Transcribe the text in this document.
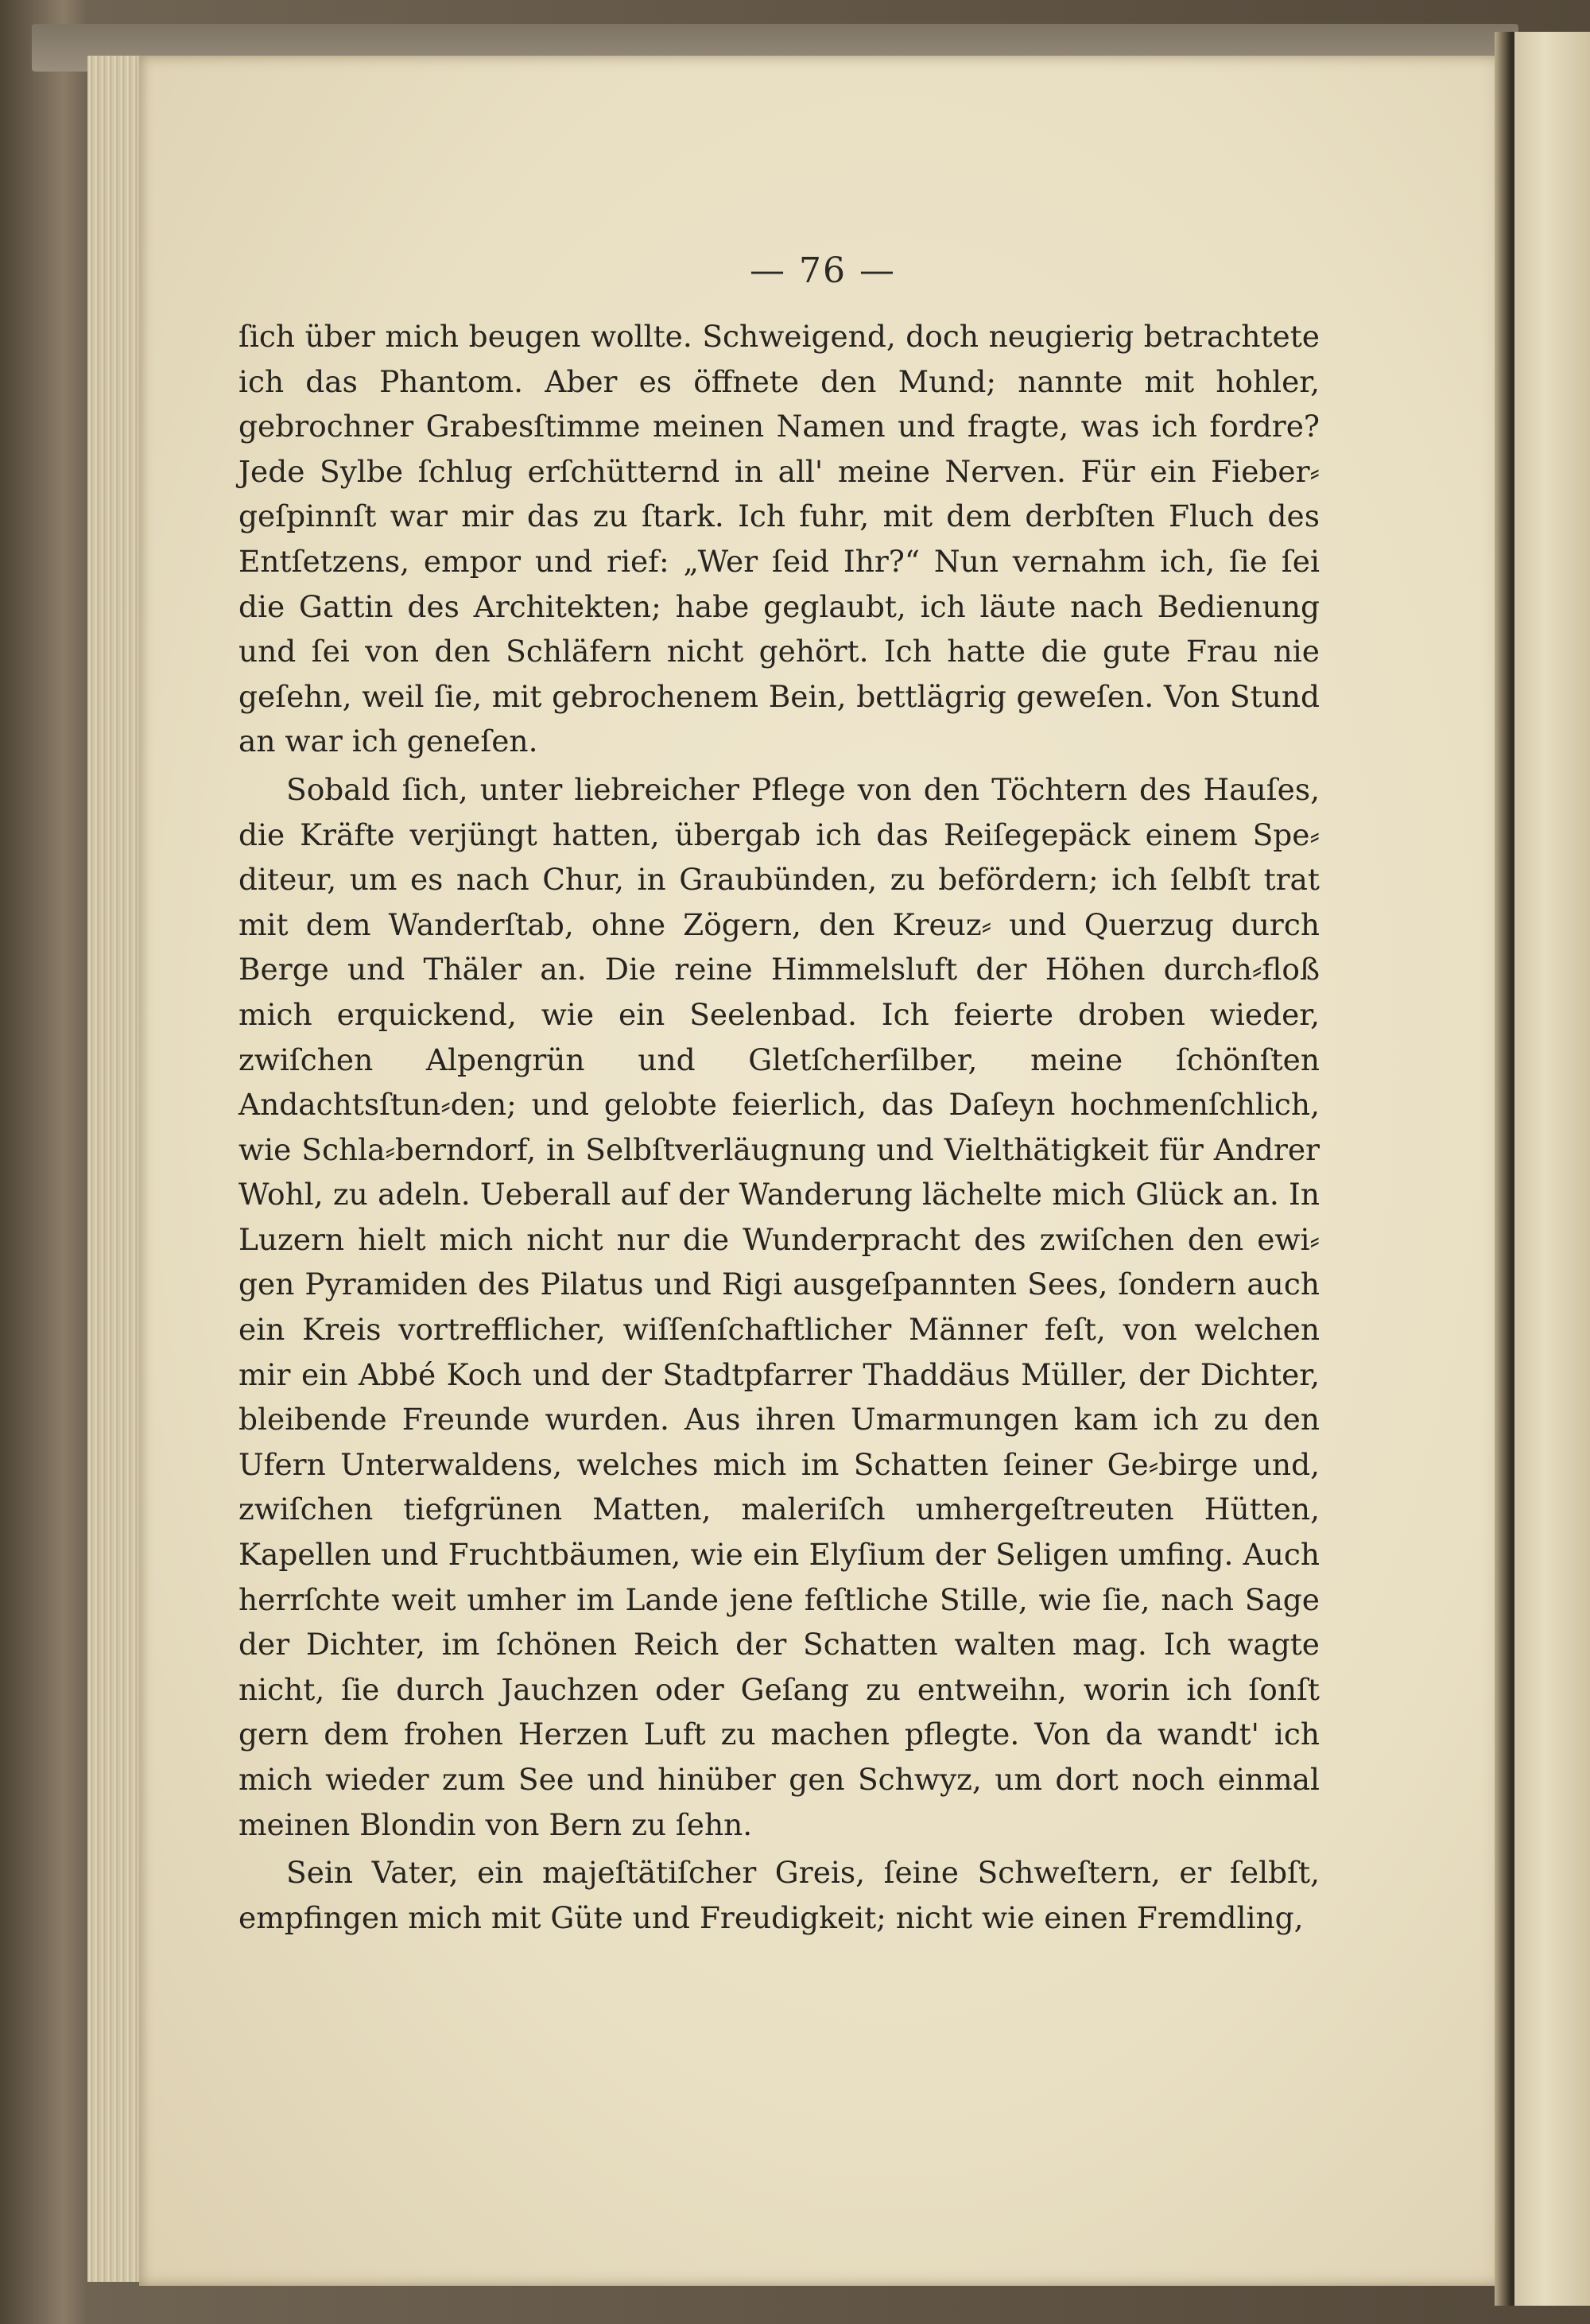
— 76 —

ſich über mich beugen wollte. Schweigend, doch neugierig betrachtete ich das Phantom. Aber es öffnete den Mund; nannte mit hohler, gebrochner Grabesſtimme meinen Namen und fragte, was ich fordre? Jede Sylbe ſchlug erſchütternd in all' meine Nerven. Für ein Fieber⸗geſpinnſt war mir das zu ſtark. Ich fuhr, mit dem derbſten Fluch des Entſetzens, empor und rief: „Wer ſeid Ihr?“ Nun vernahm ich, ſie ſei die Gattin des Architekten; habe geglaubt, ich läute nach Bedienung und ſei von den Schläfern nicht gehört. Ich hatte die gute Frau nie geſehn, weil ſie, mit gebrochenem Bein, bettlägrig geweſen. Von Stund an war ich geneſen.

Sobald ſich, unter liebreicher Pflege von den Töchtern des Hauſes, die Kräfte verjüngt hatten, übergab ich das Reiſegepäck einem Spe⸗diteur, um es nach Chur, in Graubünden, zu befördern; ich ſelbſt trat mit dem Wanderſtab, ohne Zögern, den Kreuz⸗ und Querzug durch Berge und Thäler an. Die reine Himmelsluft der Höhen durch⸗floß mich erquickend, wie ein Seelenbad. Ich feierte droben wieder, zwiſchen Alpengrün und Gletſcherſilber, meine ſchönſten Andachtsſtun⸗den; und gelobte feierlich, das Daſeyn hochmenſchlich, wie Schla⸗berndorf, in Selbſtverläugnung und Vielthätigkeit für Andrer Wohl, zu adeln. Ueberall auf der Wanderung lächelte mich Glück an. In Luzern hielt mich nicht nur die Wunderpracht des zwiſchen den ewi⸗gen Pyramiden des Pilatus und Rigi ausgeſpannten Sees, ſondern auch ein Kreis vortrefflicher, wiſſenſchaftlicher Männer feſt, von welchen mir ein Abbé Koch und der Stadtpfarrer Thaddäus Müller, der Dichter, bleibende Freunde wurden. Aus ihren Umarmungen kam ich zu den Ufern Unterwaldens, welches mich im Schatten ſeiner Ge⸗birge und, zwiſchen tiefgrünen Matten, maleriſch umhergeſtreuten Hütten, Kapellen und Fruchtbäumen, wie ein Elyſium der Seligen umfing. Auch herrſchte weit umher im Lande jene feſtliche Stille, wie ſie, nach Sage der Dichter, im ſchönen Reich der Schatten walten mag. Ich wagte nicht, ſie durch Jauchzen oder Geſang zu entweihn, worin ich ſonſt gern dem frohen Herzen Luft zu machen pflegte. Von da wandt' ich mich wieder zum See und hinüber gen Schwyz, um dort noch einmal meinen Blondin von Bern zu ſehn.

Sein Vater, ein majeſtätiſcher Greis, ſeine Schweſtern, er ſelbſt, empfingen mich mit Güte und Freudigkeit; nicht wie einen Fremdling,
